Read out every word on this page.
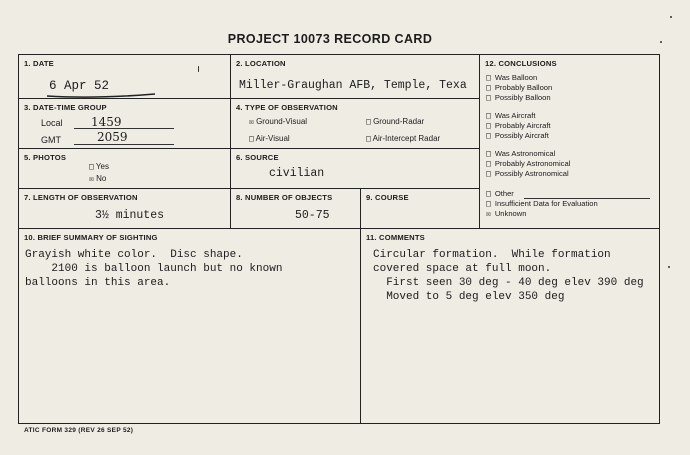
PROJECT 10073 RECORD CARD
1. DATE
6 Apr 52
2. LOCATION
Miller-Graughan AFB, Temple, Texa
3. DATE-TIME GROUP
Local 1459
GMT	2059
4. TYPE OF OBSERVATION
☒ Ground-Visual	□ Ground-Radar
□ Air-Visual	□ Air-Intercept Radar
5. PHOTOS
□ Yes
☒ No
6. SOURCE
civilian
7. LENGTH OF OBSERVATION
3½ minutes
8. NUMBER OF OBJECTS
50-75
9. COURSE
12. CONCLUSIONS
□ Was Balloon
□ Probably Balloon
□ Possibly Balloon
□ Was Aircraft
□ Probably Aircraft
□ Possibly Aircraft
□ Was Astronomical
□ Probably Astronomical
□ Possibly Astronomical
□ Other
□ Insufficient Data for Evaluation
☒ Unknown
10. BRIEF SUMMARY OF SIGHTING
Grayish white color.  Disc shape.
2100 is balloon launch but no known
balloons in this area.
11. COMMENTS
Circular formation.  While formation
covered space at full moon.
First seen 30 deg - 40 deg elev 390 deg
Moved to 5 deg elev 350 deg
ATIC FORM 329 (REV 26 SEP 52)
